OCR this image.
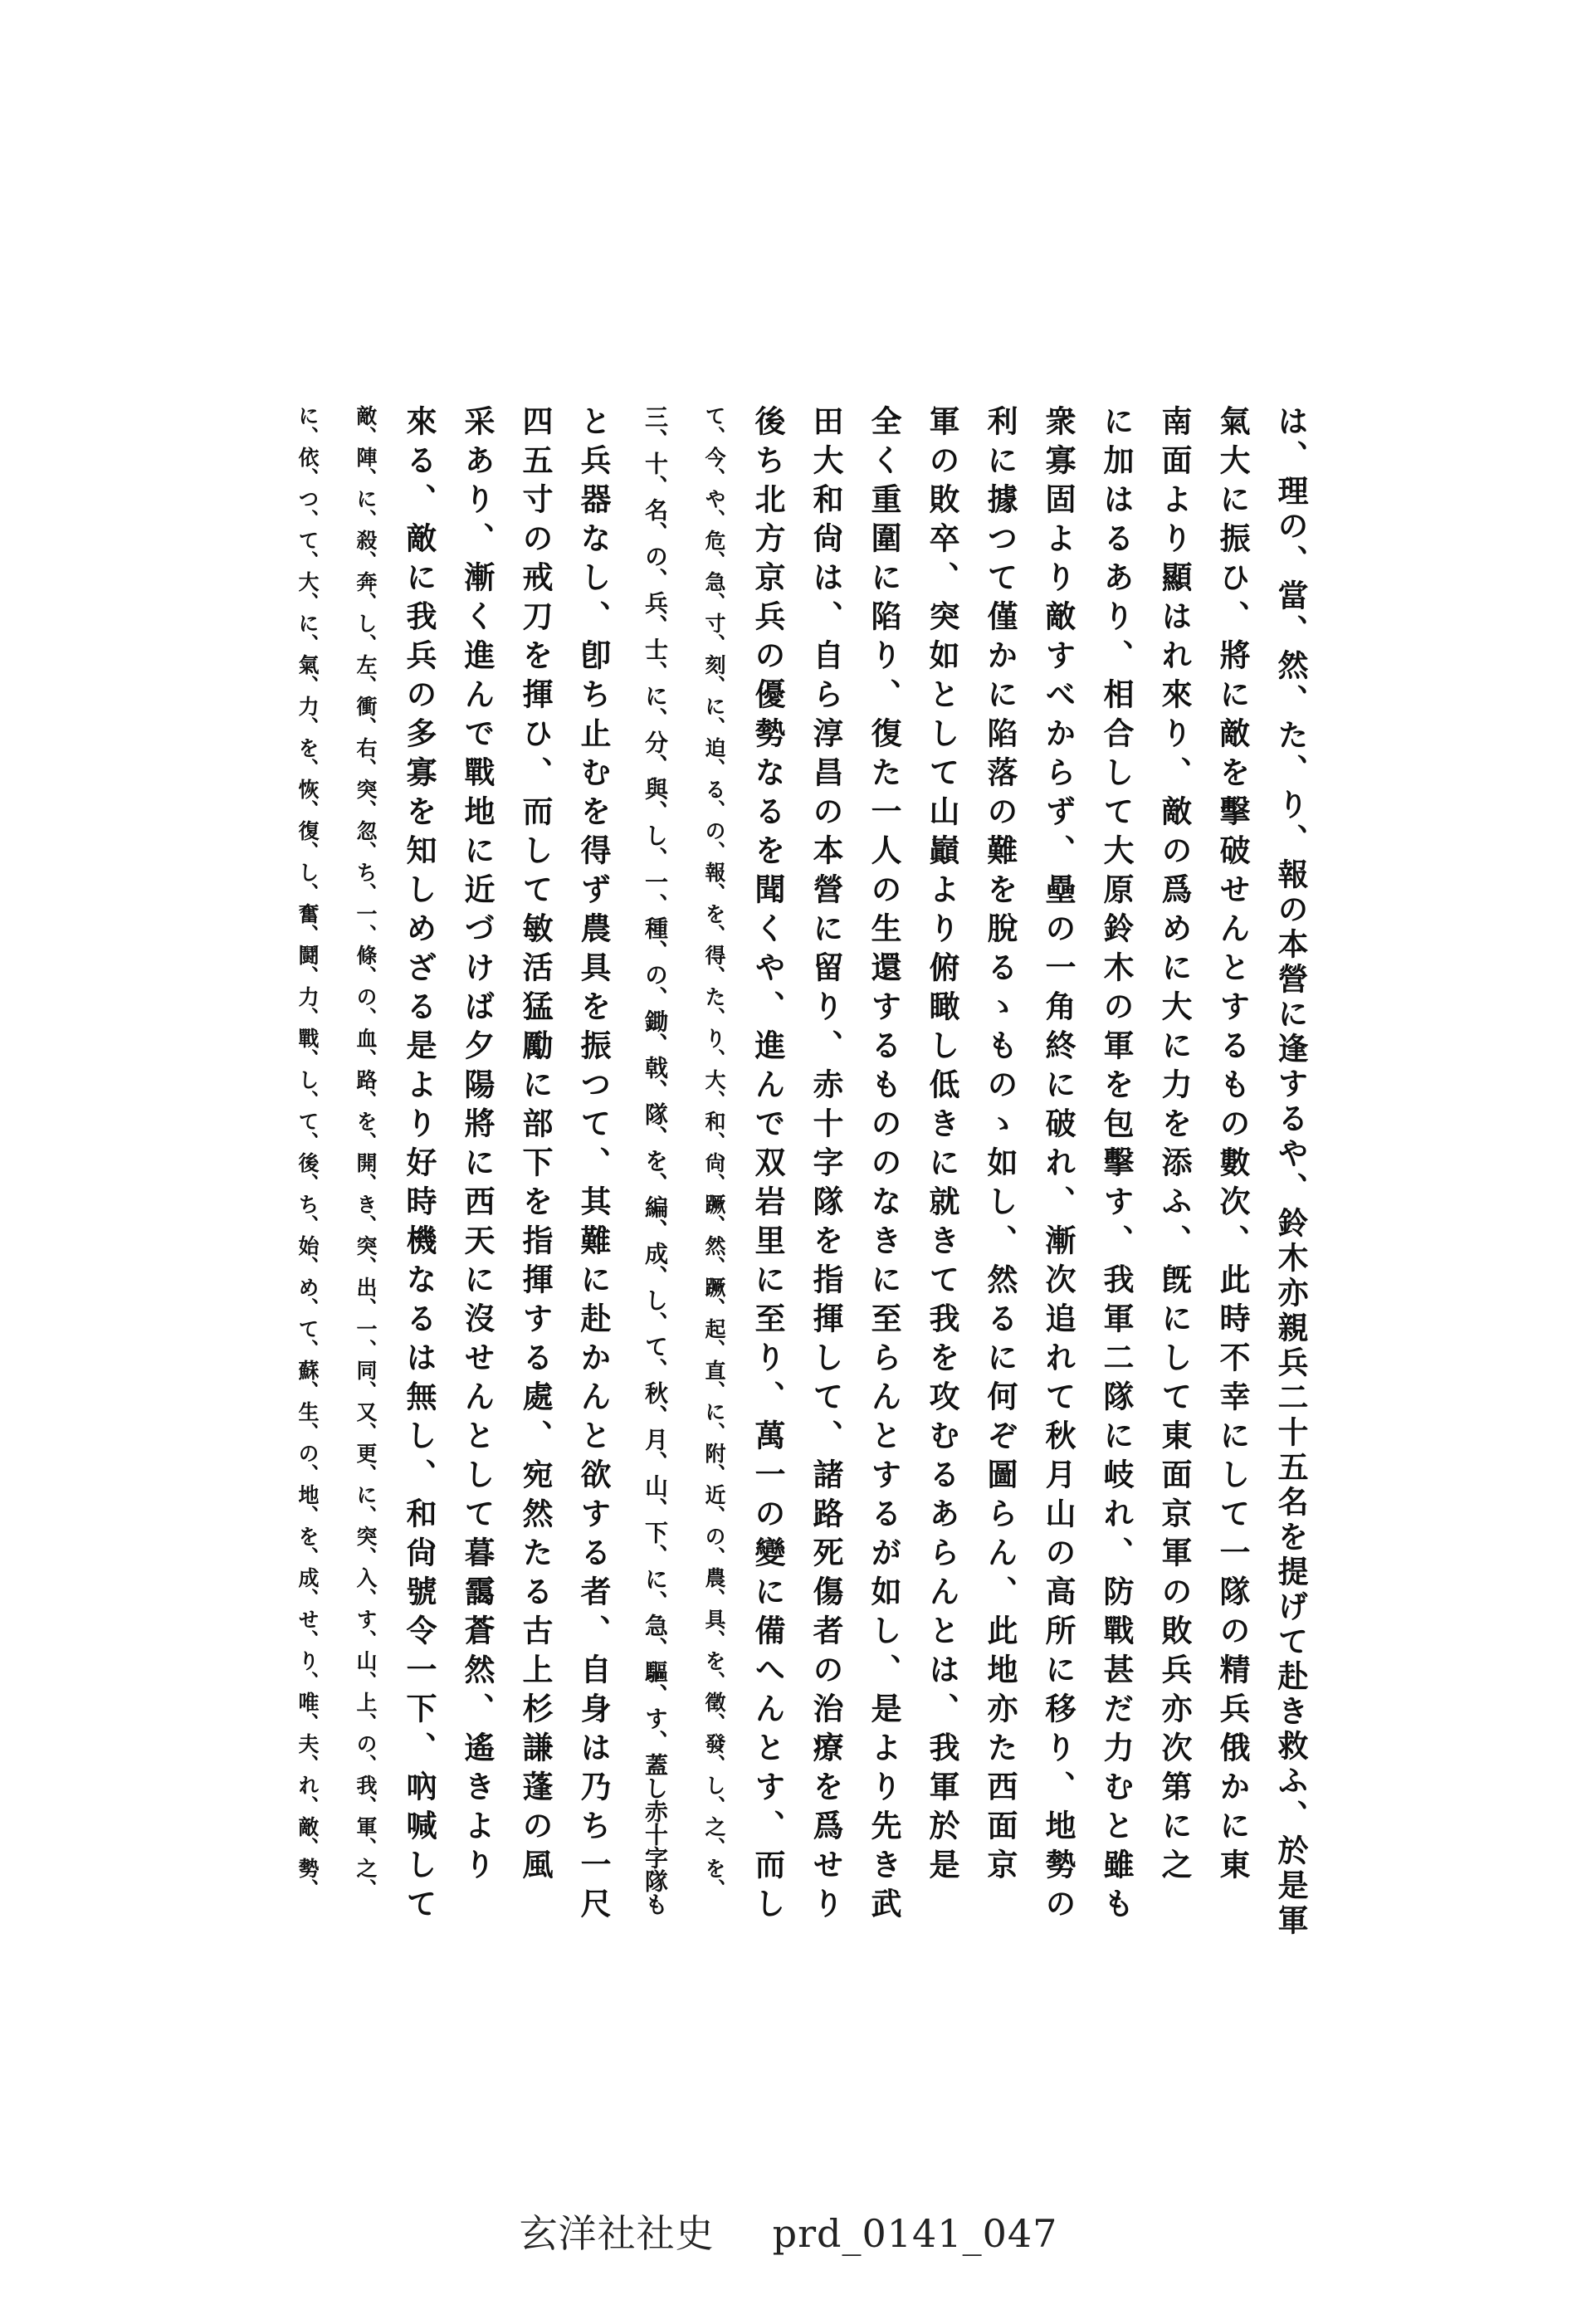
は、理の、當、然、た、り、報の本營に逢するや、鈴木亦親兵二十五名を提げて赴き救ふ、於是軍
氣大に振ひ、將に敵を擊破せんとするもの數次、此時不幸にして一隊の精兵俄かに東
南面より顯はれ來り、敵の爲めに大に力を添ふ、旣にして東面京軍の敗兵亦次第に之
に加はるあり、相合して大原鈴木の軍を包擊す、我軍二隊に岐れ、防戰甚だ力むと雖も
衆寡固より敵すべからず、壘の一角終に破れ、漸次追れて秋月山の高所に移り、地勢の
利に據つて僅かに陷落の難を脫るゝものゝ如し、然るに何ぞ圖らん、此地亦た西面京
軍の敗卒、突如として山巓より俯瞰し低きに就きて我を攻むるあらんとは、我軍於是
全く重圍に陷り、復た一人の生還するもののなきに至らんとするが如し、是より先き武
田大和尙は、自ら淳昌の本營に留り、赤十字隊を指揮して、諸路死傷者の治療を爲せり
後ち北方京兵の優勢なるを聞くや、進んで双岩里に至り、萬一の變に備へんとす、而し
て、今、や、危、急、寸、刻、に、迫、る、の、報、を、得、た、り、大、和、尙、蹶、然、蹶、起、直、に、附、近、の、農、具、を、徵、發、し、之、を、
三、十、名、の、兵、士、に、分、與、し、一、種、の、鋤、戟、隊、を、編、成、し、て、秋、月、山、下、に、急、驅、す、蓋し赤十字隊も
と兵器なし、卽ち止むを得ず農具を振つて、其難に赴かんと欲する者、自身は乃ち一尺
四五寸の戒刀を揮ひ、而して敏活猛勵に部下を指揮する處、宛然たる古上杉謙蓬の風
采あり、漸く進んで戰地に近づけば夕陽將に西天に沒せんとして暮靄蒼然、遙きより
來る、敵に我兵の多寡を知しめざる是より好時機なるは無し、和尙號令一下、吶喊して
敵、陣、に、殺、奔、し、左、衝、右、突、忽、ち、一、條、の、血、路、を、開、き、突、出、一、同、又、更、に、突、入、す、山、上、の、我、軍、之、
に、依、つ、て、大、に、氣、力、を、恢、復、し、奮、鬪、力、戰、し、て、後、ち、始、め、て、蘇、生、の、地、を、成、せ、り、唯、夫、れ、敵、勢、
玄洋社社史 prd_0141_047
